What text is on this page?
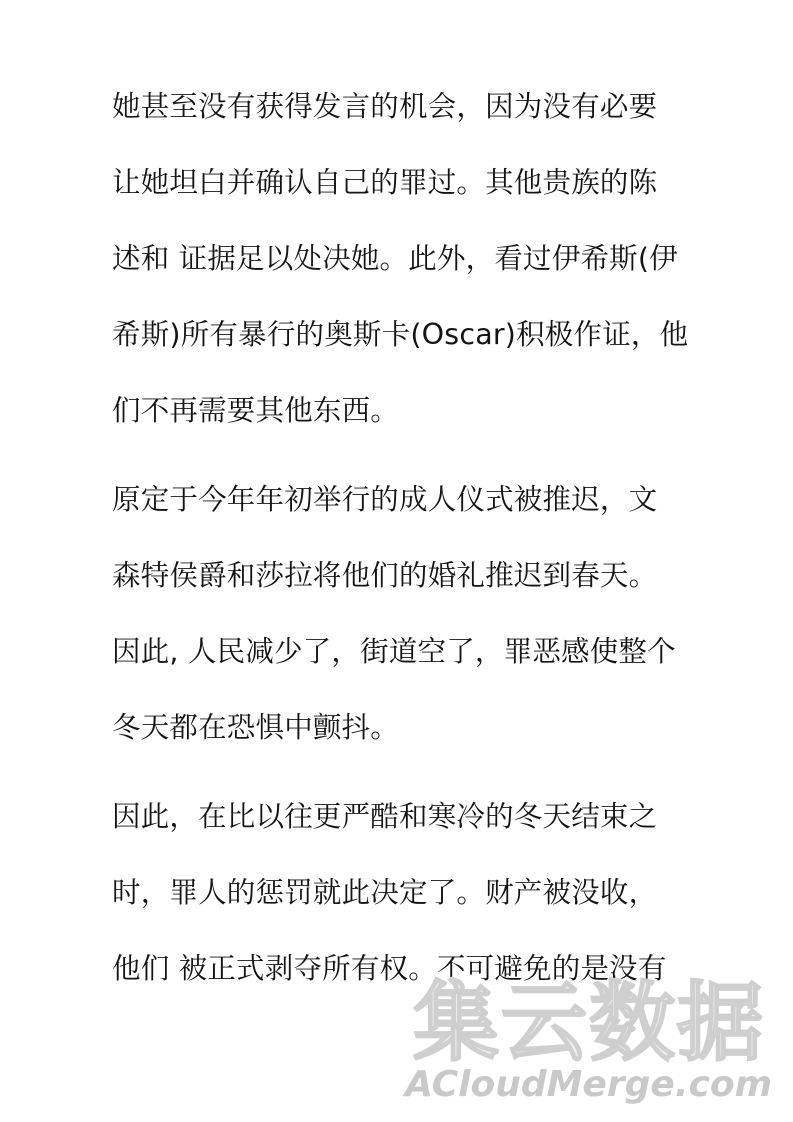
她甚至没有获得发言的机会，因为没有必要
让她坦白并确认自己的罪过。其他贵族的陈
述和 证据足以处决她。此外，看过伊希斯(伊
希斯)所有暴行的奥斯卡(Oscar)积极作证，他
们不再需要其他东西。
原定于今年年初举行的成人仪式被推迟，文
森特侯爵和莎拉将他们的婚礼推迟到春天。
因此, 人民减少了，街道空了，罪恶感使整个
冬天都在恐惧中颤抖。
因此，在比以往更严酷和寒冷的冬天结束之
时，罪人的惩罚就此决定了。财产被没收，
他们 被正式剥夺所有权。不可避免的是没有
集云数据
ACloudMerge.com
